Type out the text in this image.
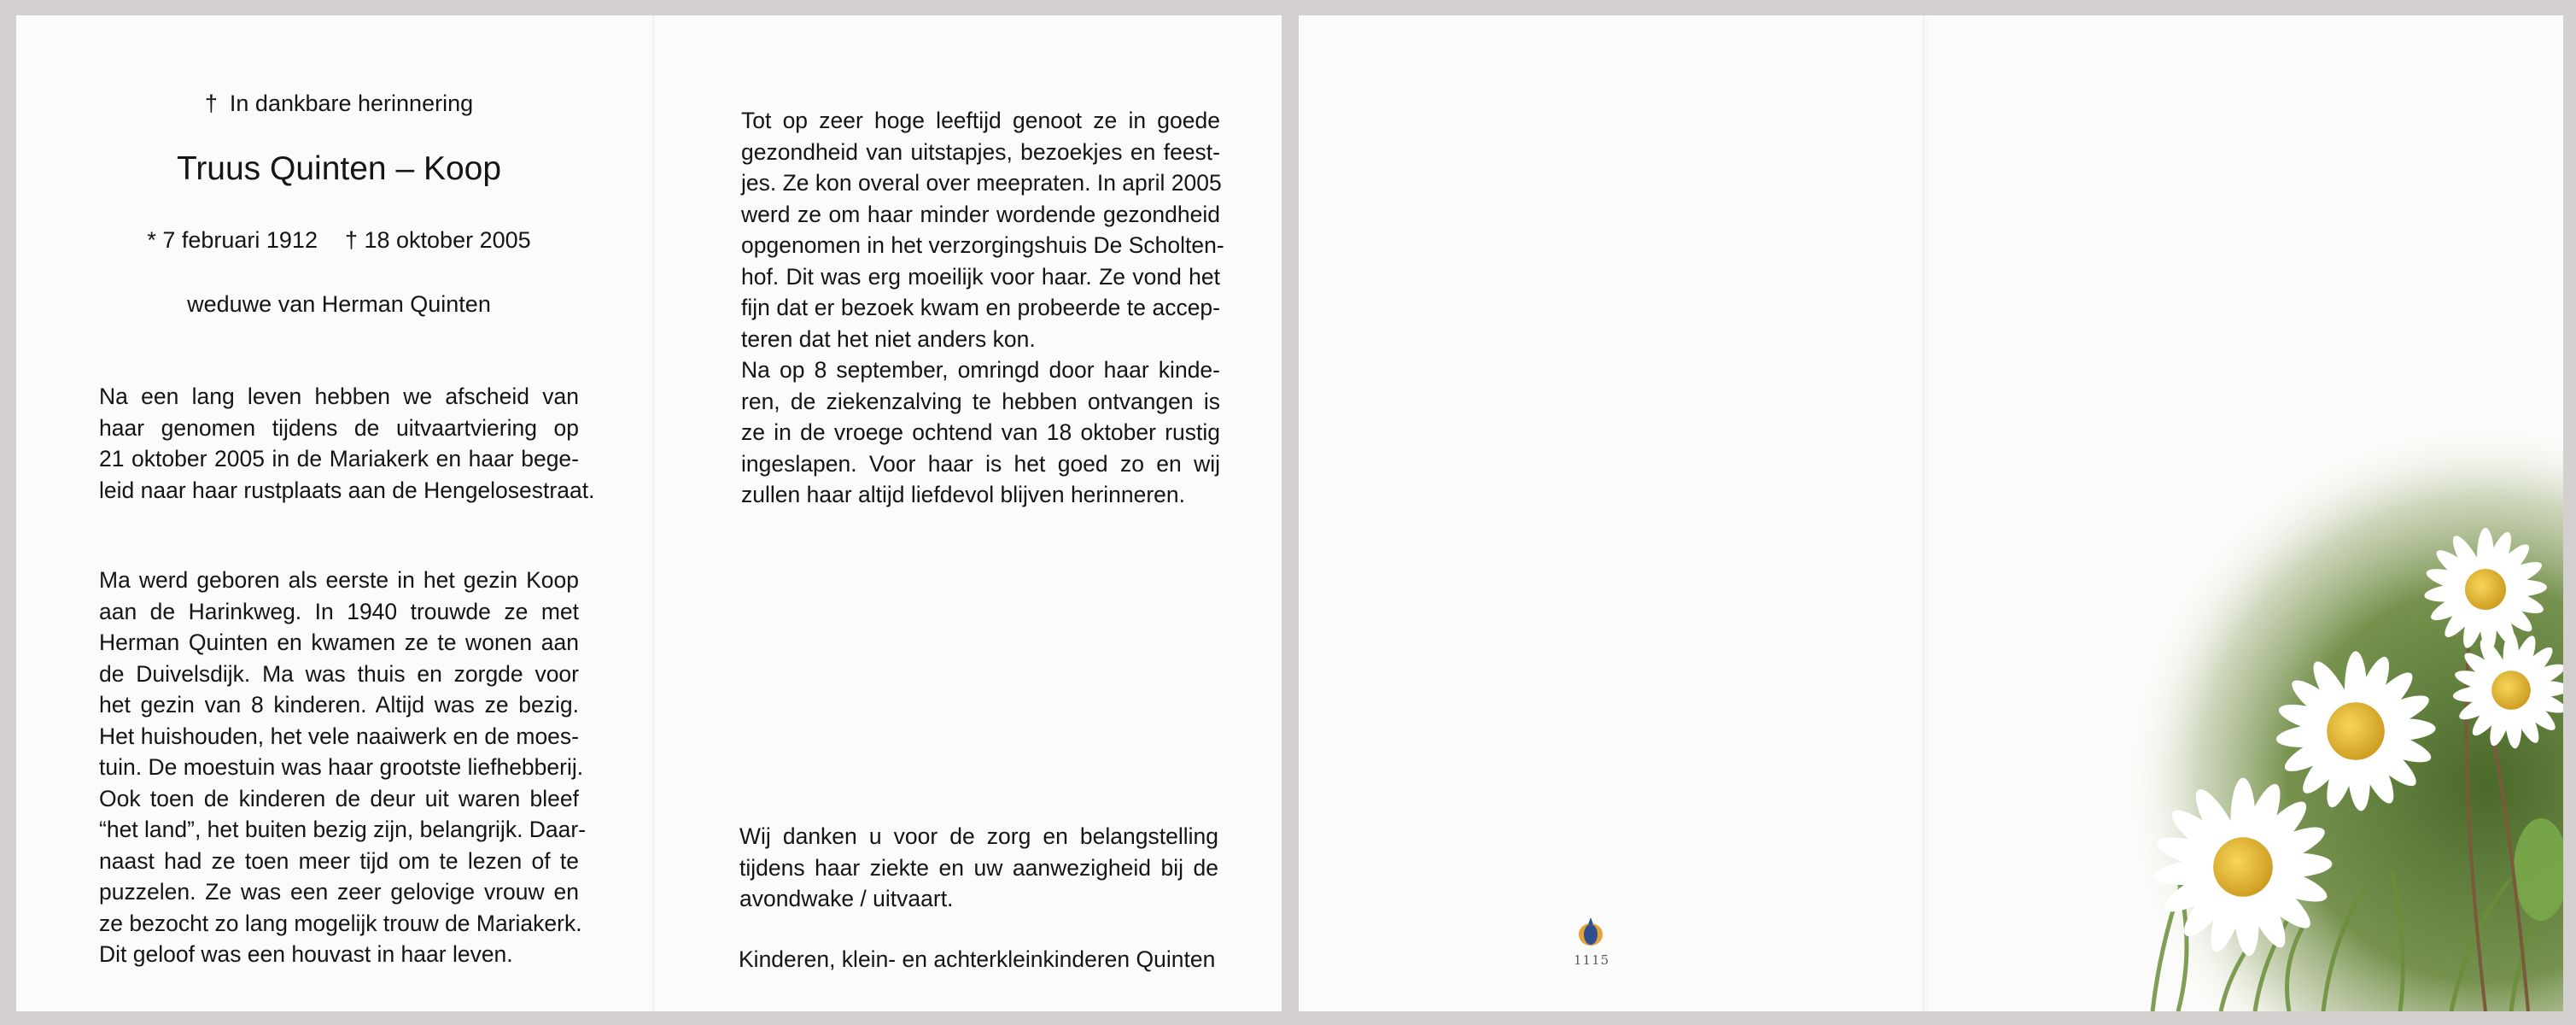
† In dankbare herinnering
Truus Quinten – Koop
* 7 februari 1912 † 18 oktober 2005
weduwe van Herman Quinten
Na een lang leven hebben we afscheid van
haar genomen tijdens de uitvaartviering op
21 oktober 2005 in de Mariakerk en haar bege-
leid naar haar rustplaats aan de Hengelosestraat.
Ma werd geboren als eerste in het gezin Koop
aan de Harinkweg. In 1940 trouwde ze met
Herman Quinten en kwamen ze te wonen aan
de Duivelsdijk. Ma was thuis en zorgde voor
het gezin van 8 kinderen. Altijd was ze bezig.
Het huishouden, het vele naaiwerk en de moes-
tuin. De moestuin was haar grootste liefhebberij.
Ook toen de kinderen de deur uit waren bleef
“het land”, het buiten bezig zijn, belangrijk. Daar-
naast had ze toen meer tijd om te lezen of te
puzzelen. Ze was een zeer gelovige vrouw en
ze bezocht zo lang mogelijk trouw de Mariakerk.
Dit geloof was een houvast in haar leven.
Tot op zeer hoge leeftijd genoot ze in goede
gezondheid van uitstapjes, bezoekjes en feest-
jes. Ze kon overal over meepraten. In april 2005
werd ze om haar minder wordende gezondheid
opgenomen in het verzorgingshuis De Scholten-
hof. Dit was erg moeilijk voor haar. Ze vond het
fijn dat er bezoek kwam en probeerde te accep-
teren dat het niet anders kon.
Na op 8 september, omringd door haar kinde-
ren, de ziekenzalving te hebben ontvangen is
ze in de vroege ochtend van 18 oktober rustig
ingeslapen. Voor haar is het goed zo en wij
zullen haar altijd liefdevol blijven herinneren.
Wij danken u voor de zorg en belangstelling
tijdens haar ziekte en uw aanwezigheid bij de
avondwake / uitvaart.
Kinderen, klein- en achterkleinkinderen Quinten	1115
